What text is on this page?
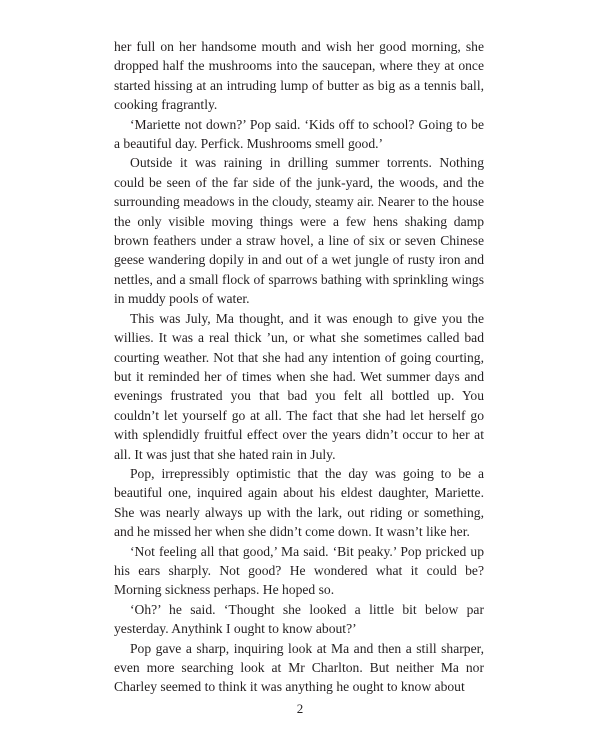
her full on her handsome mouth and wish her good morning, she dropped half the mushrooms into the saucepan, where they at once started hissing at an intruding lump of butter as big as a tennis ball, cooking fragrantly.

‘Mariette not down?’ Pop said. ‘Kids off to school? Going to be a beautiful day. Perfick. Mushrooms smell good.’

Outside it was raining in drilling summer torrents. Nothing could be seen of the far side of the junk-yard, the woods, and the surrounding meadows in the cloudy, steamy air. Nearer to the house the only visible moving things were a few hens shaking damp brown feathers under a straw hovel, a line of six or seven Chinese geese wandering dopily in and out of a wet jungle of rusty iron and nettles, and a small flock of sparrows bathing with sprinkling wings in muddy pools of water.

This was July, Ma thought, and it was enough to give you the willies. It was a real thick ’un, or what she sometimes called bad courting weather. Not that she had any intention of going courting, but it reminded her of times when she had. Wet summer days and evenings frustrated you that bad you felt all bottled up. You couldn’t let yourself go at all. The fact that she had let herself go with splendidly fruitful effect over the years didn’t occur to her at all. It was just that she hated rain in July.

Pop, irrepressibly optimistic that the day was going to be a beautiful one, inquired again about his eldest daughter, Mariette. She was nearly always up with the lark, out riding or something, and he missed her when she didn’t come down. It wasn’t like her.

‘Not feeling all that good,’ Ma said. ‘Bit peaky.’ Pop pricked up his ears sharply. Not good? He wondered what it could be? Morning sickness perhaps. He hoped so.

‘Oh?’ he said. ‘Thought she looked a little bit below par yesterday. Anythink I ought to know about?’

Pop gave a sharp, inquiring look at Ma and then a still sharper, even more searching look at Mr Charlton. But neither Ma nor Charley seemed to think it was anything he ought to know about

2
